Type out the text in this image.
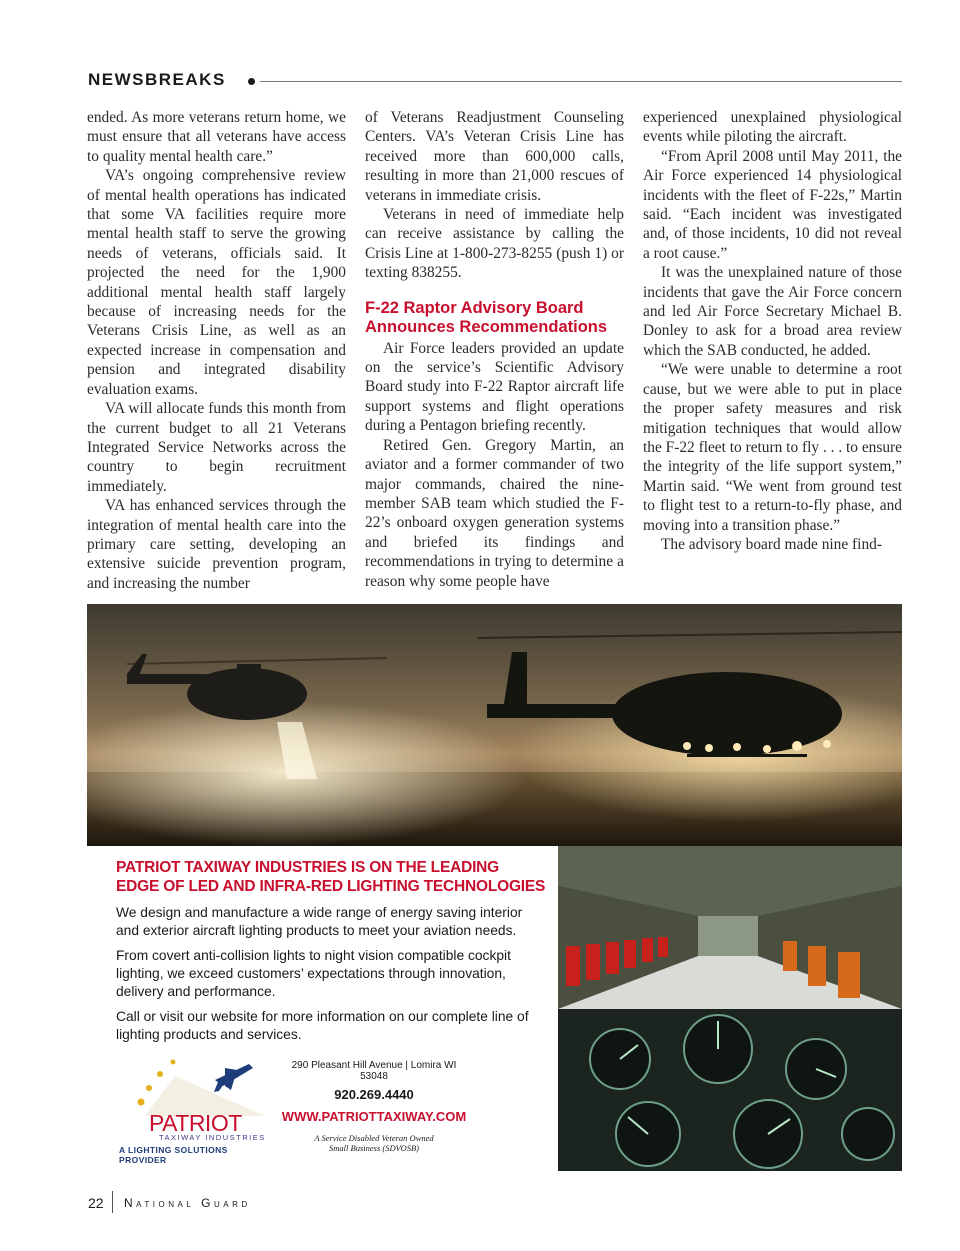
NEWSBREAKS

ended. As more veterans return home, we must ensure that all veterans have access to quality mental health care.”

VA’s ongoing comprehensive review of mental health operations has indicated that some VA facilities require more mental health staff to serve the growing needs of veterans, officials said. It projected the need for the 1,900 additional mental health staff largely because of increasing needs for the Veterans Crisis Line, as well as an expected increase in compensation and pension and integrated disability evaluation exams.

VA will allocate funds this month from the current budget to all 21 Veterans Integrated Service Networks across the country to begin recruitment immediately.

VA has enhanced services through the integration of mental health care into the primary care setting, developing an extensive suicide prevention program, and increasing the number

of Veterans Readjustment Counseling Centers. VA’s Veteran Crisis Line has received more than 600,000 calls, resulting in more than 21,000 rescues of veterans in immediate crisis.

Veterans in need of immediate help can receive assistance by calling the Crisis Line at 1-800-273-8255 (push 1) or texting 838255.

F-22 Raptor Advisory Board Announces Recommendations

Air Force leaders provided an update on the service’s Scientific Advisory Board study into F-22 Raptor aircraft life support systems and flight operations during a Pentagon briefing recently.

Retired Gen. Gregory Martin, an aviator and a former commander of two major commands, chaired the nine-member SAB team which studied the F-22’s onboard oxygen generation systems and briefed its findings and recommendations in trying to determine a reason why some people have

experienced unexplained physiological events while piloting the aircraft.

“From April 2008 until May 2011, the Air Force experienced 14 physiological incidents with the fleet of F-22s,” Martin said. “Each incident was investigated and, of those incidents, 10 did not reveal a root cause.”

It was the unexplained nature of those incidents that gave the Air Force concern and led Air Force Secretary Michael B. Donley to ask for a broad area review which the SAB conducted, he added.

“We were unable to determine a root cause, but we were able to put in place the proper safety measures and risk mitigation techniques that would allow the F-22 fleet to return to fly . . . to ensure the integrity of the life support system,” Martin said. “We went from ground test to flight test to a return-to-fly phase, and moving into a transition phase.”

The advisory board made nine find-

PATRIOT TAXIWAY INDUSTRIES IS ON THE LEADING EDGE OF LED AND INFRA-RED LIGHTING TECHNOLOGIES

We design and manufacture a wide range of energy saving interior and exterior aircraft lighting products to meet your aviation needs.

From covert anti-collision lights to night vision compatible cockpit lighting, we exceed customers’ expectations through innovation, delivery and performance.

Call or visit our website for more information on our complete line of lighting products and services.

PATRIOT
TAXIWAY INDUSTRIES
A LIGHTING SOLUTIONS PROVIDER
290 Pleasant Hill Avenue | Lomira WI 53048
920.269.4440
WWW.PATRIOTTAXIWAY.COM
A Service Disabled Veteran Owned
Small Business (SDVOSB)
22 National Guard
